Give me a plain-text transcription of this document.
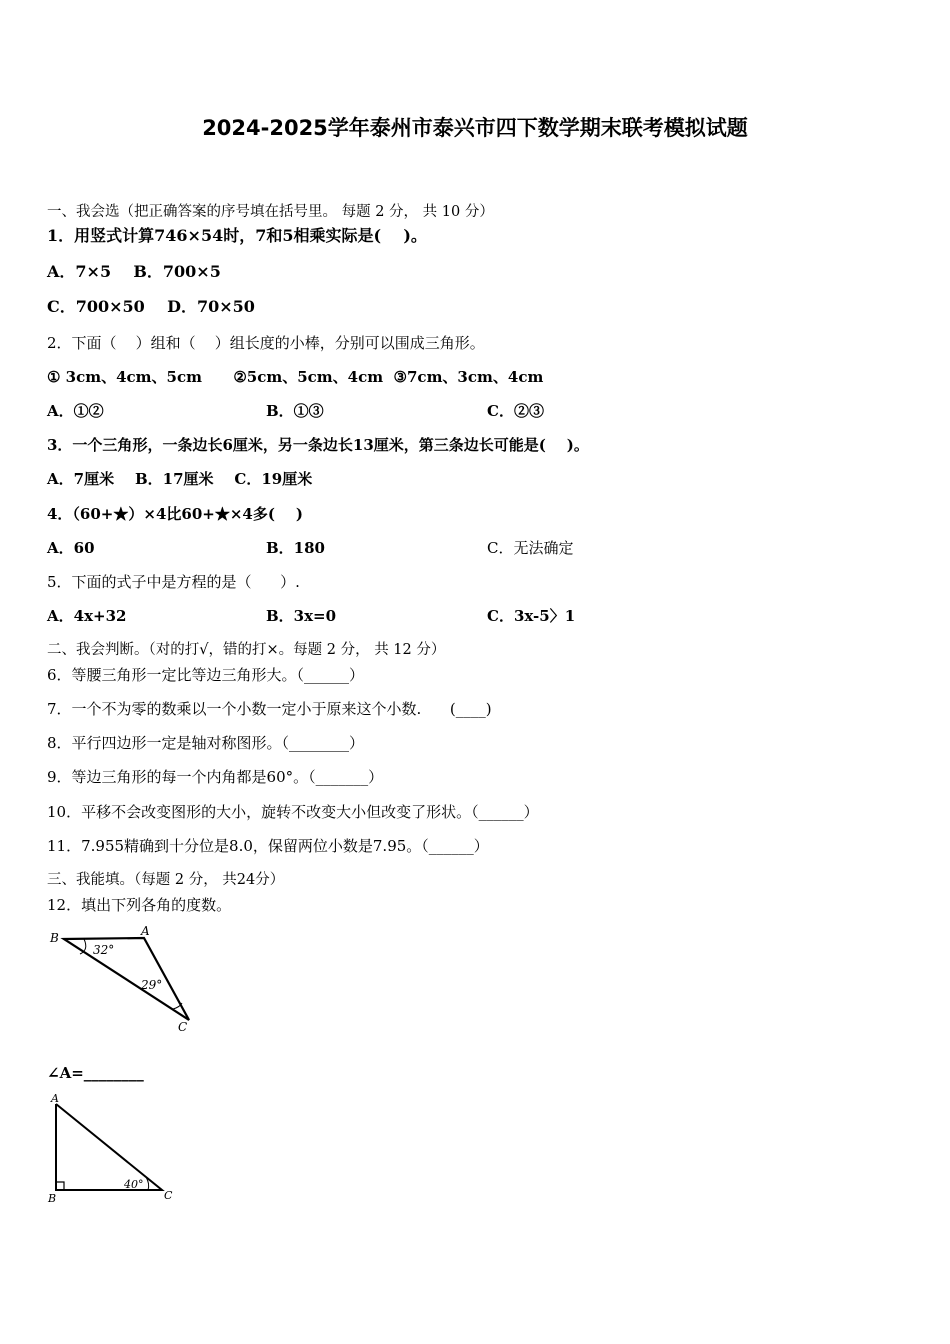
2024-2025学年泰州市泰兴市四下数学期末联考模拟试题
一、我会选（把正确答案的序号填在括号里。 每题 2 分， 共 10 分）
1．用竖式计算746×54时，7和5相乘实际是(    )。
A．7×5    B．700×5
C．700×50    D．70×50
2．下面（    ）组和（    ）组长度的小棒，分别可以围成三角形。
① 3cm、4cm、5cm      ②5cm、5cm、4cm  ③7cm、3cm、4cm
A．①②	B．①③	C．②③
3．一个三角形，一条边长6厘米，另一条边长13厘米，第三条边长可能是(    )。
A．7厘米    B．17厘米    C．19厘米
4．（60+★）×4比60+★×4多(    )
A．60	B．180	C．无法确定
5．下面的式子中是方程的是（      ）.
A．4x+32	B．3x=0	C．3x-5〉1
二、我会判断。（对的打√，错的打×。每题 2 分， 共 12 分）
6．等腰三角形一定比等边三角形大。（______）
7．一个不为零的数乘以一个小数一定小于原来这个小数.      (____)
8．平行四边形一定是轴对称图形。（________）
9．等边三角形的每一个内角都是60°。（_______）
10．平移不会改变图形的大小，旋转不改变大小但改变了形状。（______）
11．7.955精确到十分位是8.0，保留两位小数是7.95。（______）
三、我能填。（每题 2 分， 共24分）
12．填出下列各角的度数。
B	A
C
32°
29°
∠A=________
A
B	C
40°
